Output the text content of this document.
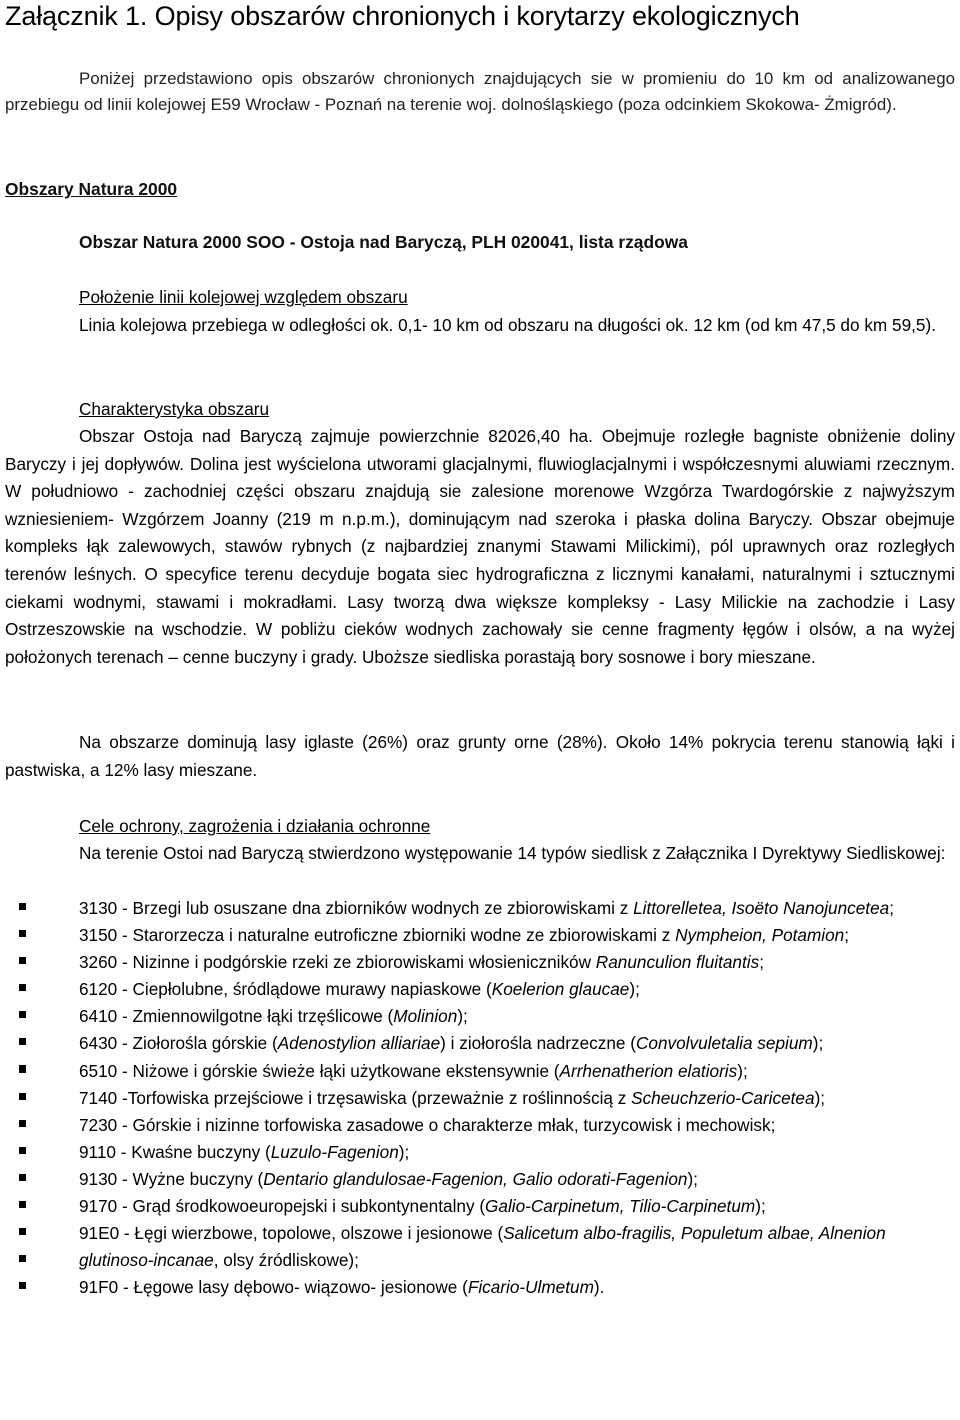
Załącznik 1. Opisy obszarów chronionych i korytarzy ekologicznych

Poniżej przedstawiono opis obszarów chronionych znajdujących sie w promieniu do 10 km od analizowanego przebiegu od linii kolejowej E59 Wrocław - Poznań na terenie woj. dolnośląskiego (poza odcinkiem Skokowa- Żmigród).

Obszary Natura 2000
Obszar Natura 2000 SOO - Ostoja nad Baryczą, PLH 020041, lista rządowa

Położenie linii kolejowej względem obszaru

Linia kolejowa przebiega w odległości ok. 0,1- 10 km od obszaru na długości ok. 12 km (od km 47,5 do km 59,5).

Charakterystyka obszaru

Obszar Ostoja nad Baryczą zajmuje powierzchnie 82026,40 ha. Obejmuje rozległe bagniste obniżenie doliny Baryczy i jej dopływów. Dolina jest wyścielona utworami glacjalnymi, fluwioglacjalnymi i współczesnymi aluwiami rzecznym. W południowo - zachodniej części obszaru znajdują sie zalesione morenowe Wzgórza Twardogórskie z najwyższym wzniesieniem- Wzgórzem Joanny (219 m n.p.m.), dominującym nad szeroka i płaska dolina Baryczy. Obszar obejmuje kompleks łąk zalewowych, stawów rybnych (z najbardziej znanymi Stawami Milickimi), pól uprawnych oraz rozległych terenów leśnych. O specyfice terenu decyduje bogata siec hydrograficzna z licznymi kanałami, naturalnymi i sztucznymi ciekami wodnymi, stawami i mokradłami. Lasy tworzą dwa większe kompleksy - Lasy Milickie na zachodzie i Lasy Ostrzeszowskie na wschodzie. W pobliżu cieków wodnych zachowały sie cenne fragmenty łęgów i olsów, a na wyżej położonych terenach – cenne buczyny i grady. Uboższe siedliska porastają bory sosnowe i bory mieszane.

Na obszarze dominują lasy iglaste (26%) oraz grunty orne (28%). Około 14% pokrycia terenu stanowią łąki i pastwiska, a 12% lasy mieszane.

Cele ochrony, zagrożenia i działania ochronne

Na terenie Ostoi nad Baryczą stwierdzono występowanie 14 typów siedlisk z Załącznika I Dyrektywy Siedliskowej:

3130 - Brzegi lub osuszane dna zbiorników wodnych ze zbiorowiskami z Littorelletea, Isoëto Nanojuncetea;
3150 - Starorzecza i naturalne eutroficzne zbiorniki wodne ze zbiorowiskami z Nympheion, Potamion;
3260 - Nizinne i podgórskie rzeki ze zbiorowiskami włosieniczników Ranunculion fluitantis;
6120 - Ciepłolubne, śródlądowe murawy napiaskowe (Koelerion glaucae);
6410 - Zmiennowilgotne łąki trzęślicowe (Molinion);
6430 - Ziołorośla górskie (Adenostylion alliariae) i ziołorośla nadrzeczne (Convolvuletalia sepium);
6510 - Niżowe i górskie świeże łąki użytkowane ekstensywnie (Arrhenatherion elatioris);
7140 -Torfowiska przejściowe i trzęsawiska (przeważnie z roślinnością z Scheuchzerio-Caricetea);
7230 - Górskie i nizinne torfowiska zasadowe o charakterze młak, turzycowisk i mechowisk;
9110 - Kwaśne buczyny (Luzulo-Fagenion);
9130 - Wyżne buczyny (Dentario glandulosae-Fagenion, Galio odorati-Fagenion);
9170 - Grąd środkowoeuropejski i subkontynentalny (Galio-Carpinetum, Tilio-Carpinetum);
91E0 - Łęgi wierzbowe, topolowe, olszowe i jesionowe (Salicetum albo-fragilis, Populetum albae, Alnenion glutinoso-incanae, olsy źródliskowe);
91F0 - Łęgowe lasy dębowo- wiązowo- jesionowe (Ficario-Ulmetum).
